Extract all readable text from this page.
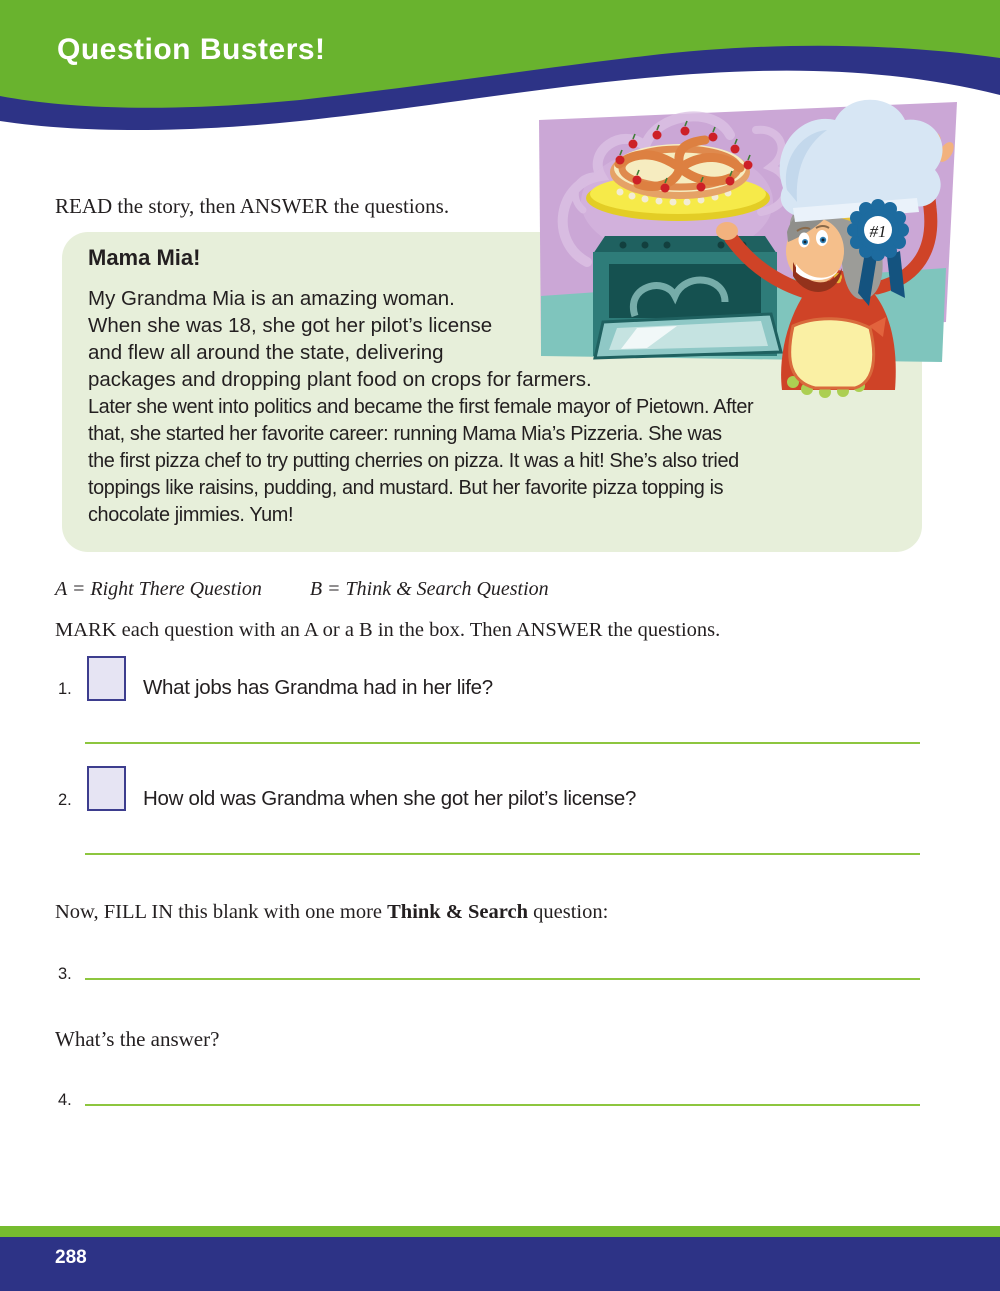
Question Busters!
READ the story, then ANSWER the questions.
Mama Mia!
My Grandma Mia is an amazing woman.
When she was 18, she got her pilot’s license
and flew all around the state, delivering
packages and dropping plant food on crops for farmers.
Later she went into politics and became the first female mayor of Pietown. After
that, she started her favorite career: running Mama Mia’s Pizzeria. She was
the first pizza chef to try putting cherries on pizza. It was a hit! She’s also tried
toppings like raisins, pudding, and mustard. But her favorite pizza topping is
chocolate jimmies. Yum!
#1
A = Right There Question B = Think & Search Question
MARK each question with an A or a B in the box. Then ANSWER the questions.
1.	What jobs has Grandma had in her life?
2.	How old was Grandma when she got her pilot’s license?
Now, FILL IN this blank with one more Think & Search question:
3.
What’s the answer?
4.
288
